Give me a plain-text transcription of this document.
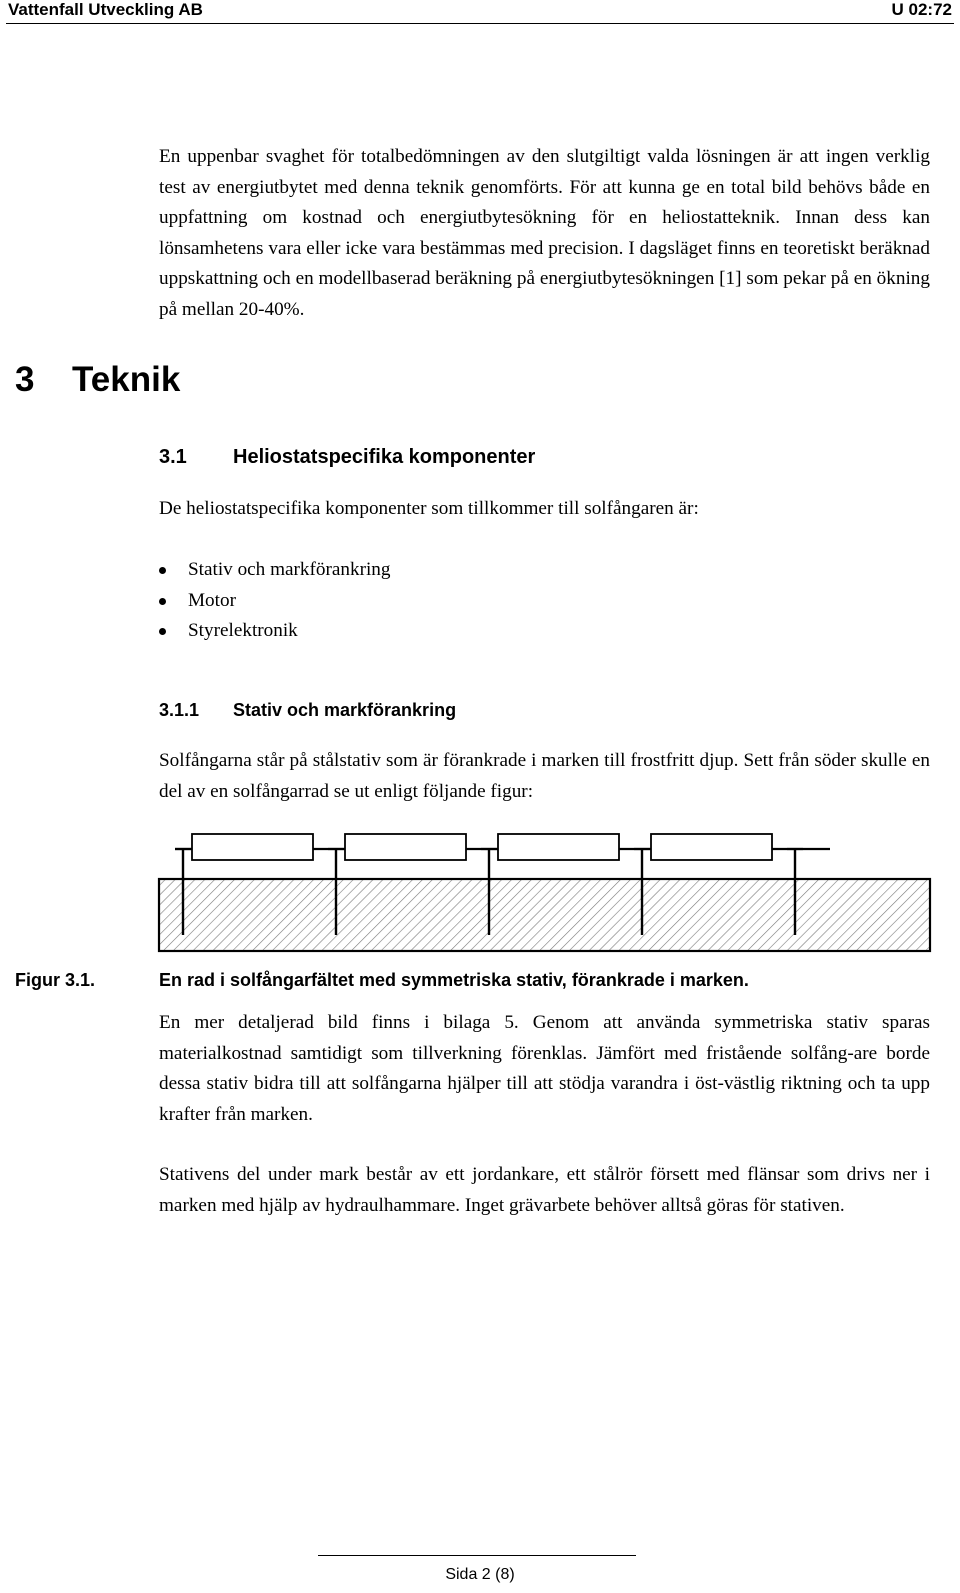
Vattenfall Utveckling AB	U 02:72
En uppenbar svaghet för totalbedömningen av den slutgiltigt valda lösningen är att ingen verklig test av energiutbytet med denna teknik genomförts. För att kunna ge en total bild behövs både en uppfattning om kostnad och energiutbytesökning för en heliostatteknik. Innan dess kan lönsamhetens vara eller icke vara bestämmas med precision. I dagsläget finns en teoretiskt beräknad uppskattning och en modellbaserad beräkning på energiutbytesökningen [1] som pekar på en ökning på mellan 20-40%.
3 Teknik
3.1 Heliostatspecifika komponenter
De heliostatspecifika komponenter som tillkommer till solfångaren är:
Stativ och markförankring
Motor
Styrelektronik
3.1.1 Stativ och markförankring
Solfångarna står på stålstativ som är förankrade i marken till frostfritt djup. Sett från söder skulle en del av en solfångarrad se ut enligt följande figur:
Figur 3.1.	En rad i solfångarfältet med symmetriska stativ, förankrade i marken.
En mer detaljerad bild finns i bilaga 5. Genom att använda symmetriska stativ sparas materialkostnad samtidigt som tillverkning förenklas. Jämfört med fristående solfång-are borde dessa stativ bidra till att solfångarna hjälper till att stödja varandra i öst-västlig riktning och ta upp krafter från marken.
Stativens del under mark består av ett jordankare, ett stålrör försett med flänsar som drivs ner i marken med hjälp av hydraulhammare. Inget grävarbete behöver alltså göras för stativen.
Sida 2 (8)
